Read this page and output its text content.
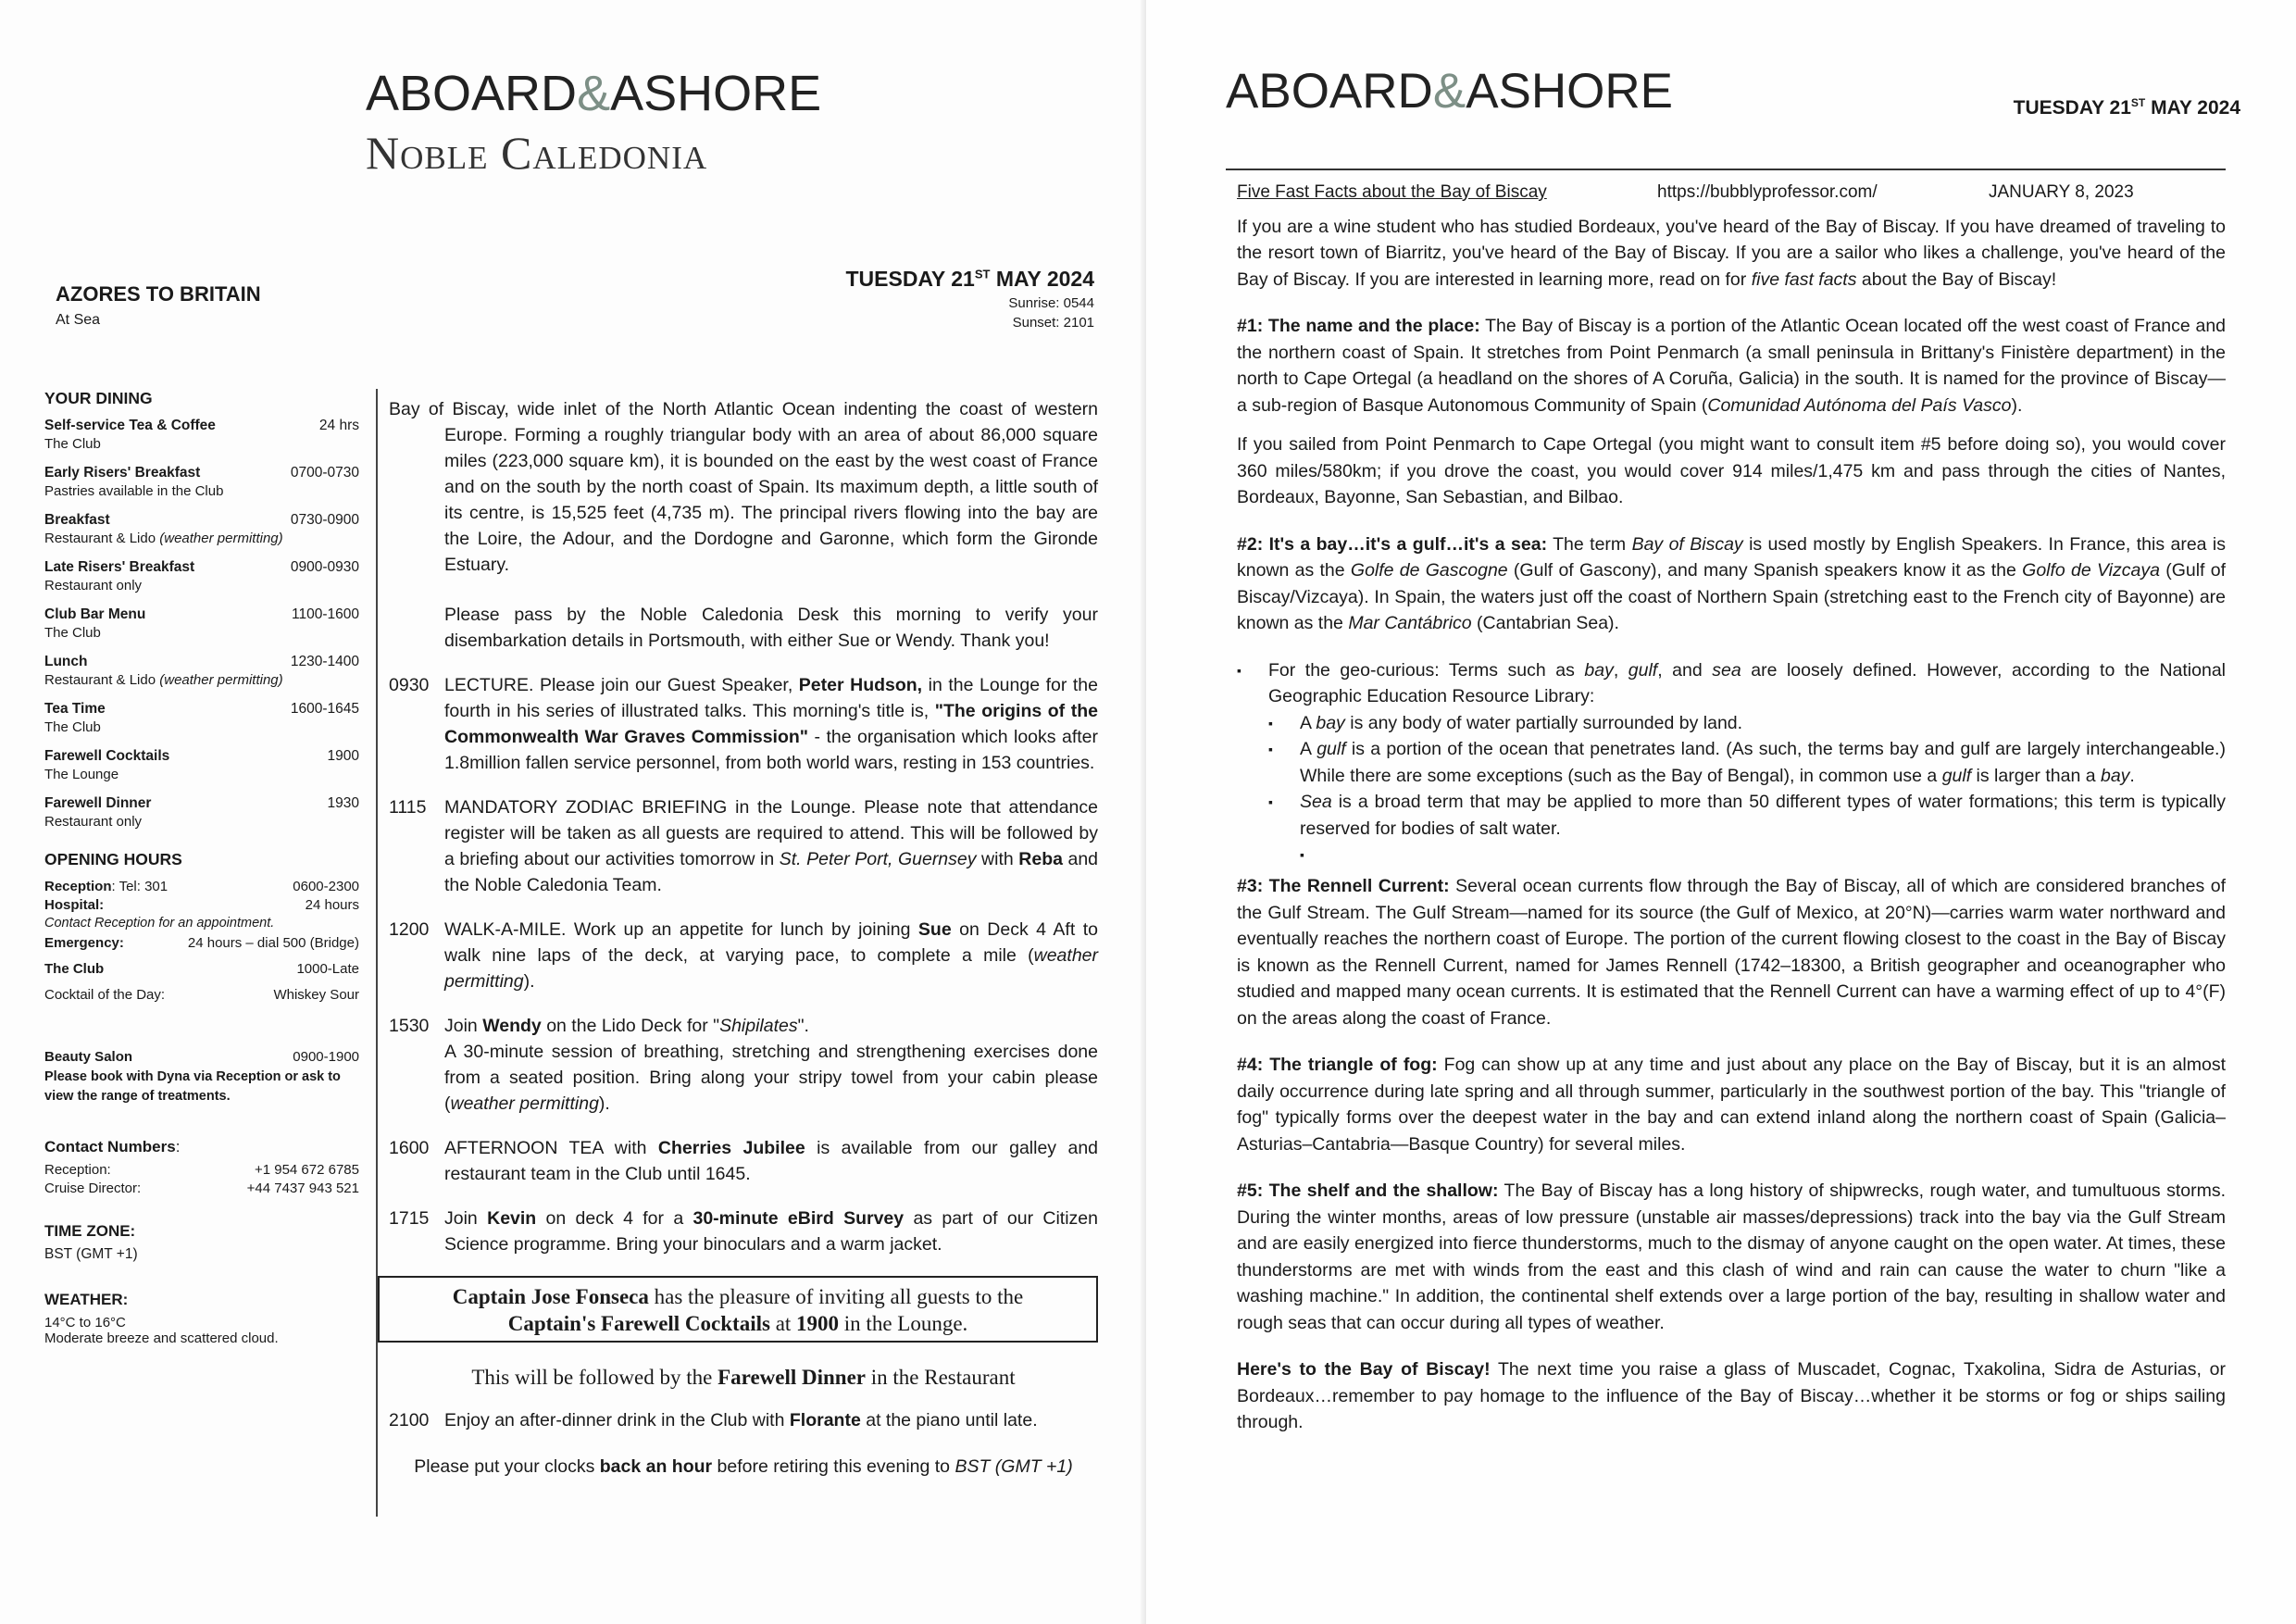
ABOARD&ASHORE
Noble Caledonia
AZORES TO BRITAIN
At Sea
TUESDAY 21ST MAY 2024
Sunrise: 0544
Sunset: 2101
YOUR DINING
Self-service Tea & Coffee	24 hrs
The Club
Early Risers' Breakfast	0700-0730
Pastries available in the Club
Breakfast	0730-0900
Restaurant & Lido (weather permitting)
Late Risers' Breakfast	0900-0930
Restaurant only
Club Bar Menu	1100-1600
The Club
Lunch	1230-1400
Restaurant & Lido (weather permitting)
Tea Time	1600-1645
The Club
Farewell Cocktails	1900
The Lounge
Farewell Dinner	1930
Restaurant only
OPENING HOURS
Reception: Tel: 301	0600-2300
Hospital:	24 hours
Contact Reception for an appointment.
Emergency:	24 hours – dial 500 (Bridge)
The Club	1000-Late
Cocktail of the Day:	Whiskey Sour
Beauty Salon	0900-1900
Please book with Dyna via Reception or ask to view the range of treatments.
Contact Numbers:
Reception:	+1 954 672 6785
Cruise Director:	+44 7437 943 521
TIME ZONE:
BST (GMT +1)
WEATHER:
14°C to 16°C
Moderate breeze and scattered cloud.
Bay of Biscay, wide inlet of the North Atlantic Ocean indenting the coast of western Europe. Forming a roughly triangular body with an area of about 86,000 square miles (223,000 square km), it is bounded on the east by the west coast of France and on the south by the north coast of Spain. Its maximum depth, a little south of its centre, is 15,525 feet (4,735 m). The principal rivers flowing into the bay are the Loire, the Adour, and the Dordogne and Garonne, which form the Gironde Estuary.
Please pass by the Noble Caledonia Desk this morning to verify your disembarkation details in Portsmouth, with either Sue or Wendy. Thank you!
0930 LECTURE. Please join our Guest Speaker, Peter Hudson, in the Lounge for the fourth in his series of illustrated talks. This morning's title is, "The origins of the Commonwealth War Graves Commission" - the organisation which looks after 1.8million fallen service personnel, from both world wars, resting in 153 countries.
1115	MANDATORY ZODIAC BRIEFING in the Lounge. Please note that attendance register will be taken as all guests are required to attend. This will be followed by a briefing about our activities tomorrow in St. Peter Port, Guernsey with Reba and the Noble Caledonia Team.
1200 WALK-A-MILE. Work up an appetite for lunch by joining Sue on Deck 4 Aft to walk nine laps of the deck, at varying pace, to complete a mile (weather permitting).
1530 Join Wendy on the Lido Deck for "Shipilates".
A 30-minute session of breathing, stretching and strengthening exercises done from a seated position. Bring along your stripy towel from your cabin please (weather permitting).
1600 AFTERNOON TEA with Cherries Jubilee is available from our galley and restaurant team in the Club until 1645.
1715 Join Kevin on deck 4 for a 30-minute eBird Survey as part of our Citizen Science programme. Bring your binoculars and a warm jacket.
Captain Jose Fonseca has the pleasure of inviting all guests to the
Captain's Farewell Cocktails at 1900 in the Lounge.
This will be followed by the Farewell Dinner in the Restaurant
2100 Enjoy an after-dinner drink in the Club with Florante at the piano until late.
Please put your clocks back an hour before retiring this evening to BST (GMT +1)
ABOARD&ASHORE	TUESDAY 21ST MAY 2024
Five Fast Facts about the Bay of Biscay	https://bubblyprofessor.com/	JANUARY 8, 2023

If you are a wine student who has studied Bordeaux, you've heard of the Bay of Biscay. If you have dreamed of traveling to the resort town of Biarritz, you've heard of the Bay of Biscay. If you are a sailor who likes a challenge, you've heard of the Bay of Biscay. If you are interested in learning more, read on for five fast facts about the Bay of Biscay!

#1: The name and the place: The Bay of Biscay is a portion of the Atlantic Ocean located off the west coast of France and the northern coast of Spain. It stretches from Point Penmarch (a small peninsula in Brittany's Finistère department) in the north to Cape Ortegal (a headland on the shores of A Coruña, Galicia) in the south. It is named for the province of Biscay—a sub-region of Basque Autonomous Community of Spain (Comunidad Autónoma del País Vasco).

If you sailed from Point Penmarch to Cape Ortegal (you might want to consult item #5 before doing so), you would cover 360 miles/580km; if you drove the coast, you would cover 914 miles/1,475 km and pass through the cities of Nantes, Bordeaux, Bayonne, San Sebastian, and Bilbao.

#2: It's a bay…it's a gulf…it's a sea: The term Bay of Biscay is used mostly by English Speakers. In France, this area is known as the Golfe de Gascogne (Gulf of Gascony), and many Spanish speakers know it as the Golfo de Vizcaya (Gulf of Biscay/Vizcaya). In Spain, the waters just off the coast of Northern Spain (stretching east to the French city of Bayonne) are known as the Mar Cantábrico (Cantabrian Sea).

▪ For the geo-curious: Terms such as bay, gulf, and sea are loosely defined. However, according to the National Geographic Education Resource Library:
▪ A bay is any body of water partially surrounded by land.
▪ A gulf is a portion of the ocean that penetrates land. (As such, the terms bay and gulf are largely interchangeable.) While there are some exceptions (such as the Bay of Bengal), in common use a gulf is larger than a bay.
▪ Sea is a broad term that may be applied to more than 50 different types of water formations; this term is typically reserved for bodies of salt water.
▪

#3: The Rennell Current: Several ocean currents flow through the Bay of Biscay, all of which are considered branches of the Gulf Stream. The Gulf Stream—named for its source (the Gulf of Mexico, at 20°N)—carries warm water northward and eventually reaches the northern coast of Europe. The portion of the current flowing closest to the coast in the Bay of Biscay is known as the Rennell Current, named for James Rennell (1742–18300, a British geographer and oceanographer who studied and mapped many ocean currents. It is estimated that the Rennell Current can have a warming effect of up to 4°(F) on the areas along the coast of France.

#4: The triangle of fog: Fog can show up at any time and just about any place on the Bay of Biscay, but it is an almost daily occurrence during late spring and all through summer, particularly in the southwest portion of the bay. This "triangle of fog" typically forms over the deepest water in the bay and can extend inland along the northern coast of Spain (Galicia–Asturias–Cantabria—Basque Country) for several miles.

#5: The shelf and the shallow: The Bay of Biscay has a long history of shipwrecks, rough water, and tumultuous storms. During the winter months, areas of low pressure (unstable air masses/depressions) track into the bay via the Gulf Stream and are easily energized into fierce thunderstorms, much to the dismay of anyone caught on the open water. At times, these thunderstorms are met with winds from the east and this clash of wind and rain can cause the water to churn "like a washing machine." In addition, the continental shelf extends over a large portion of the bay, resulting in shallow water and rough seas that can occur during all types of weather.

Here's to the Bay of Biscay! The next time you raise a glass of Muscadet, Cognac, Txakolina, Sidra de Asturias, or Bordeaux…remember to pay homage to the influence of the Bay of Biscay…whether it be storms or fog or ships sailing through.
